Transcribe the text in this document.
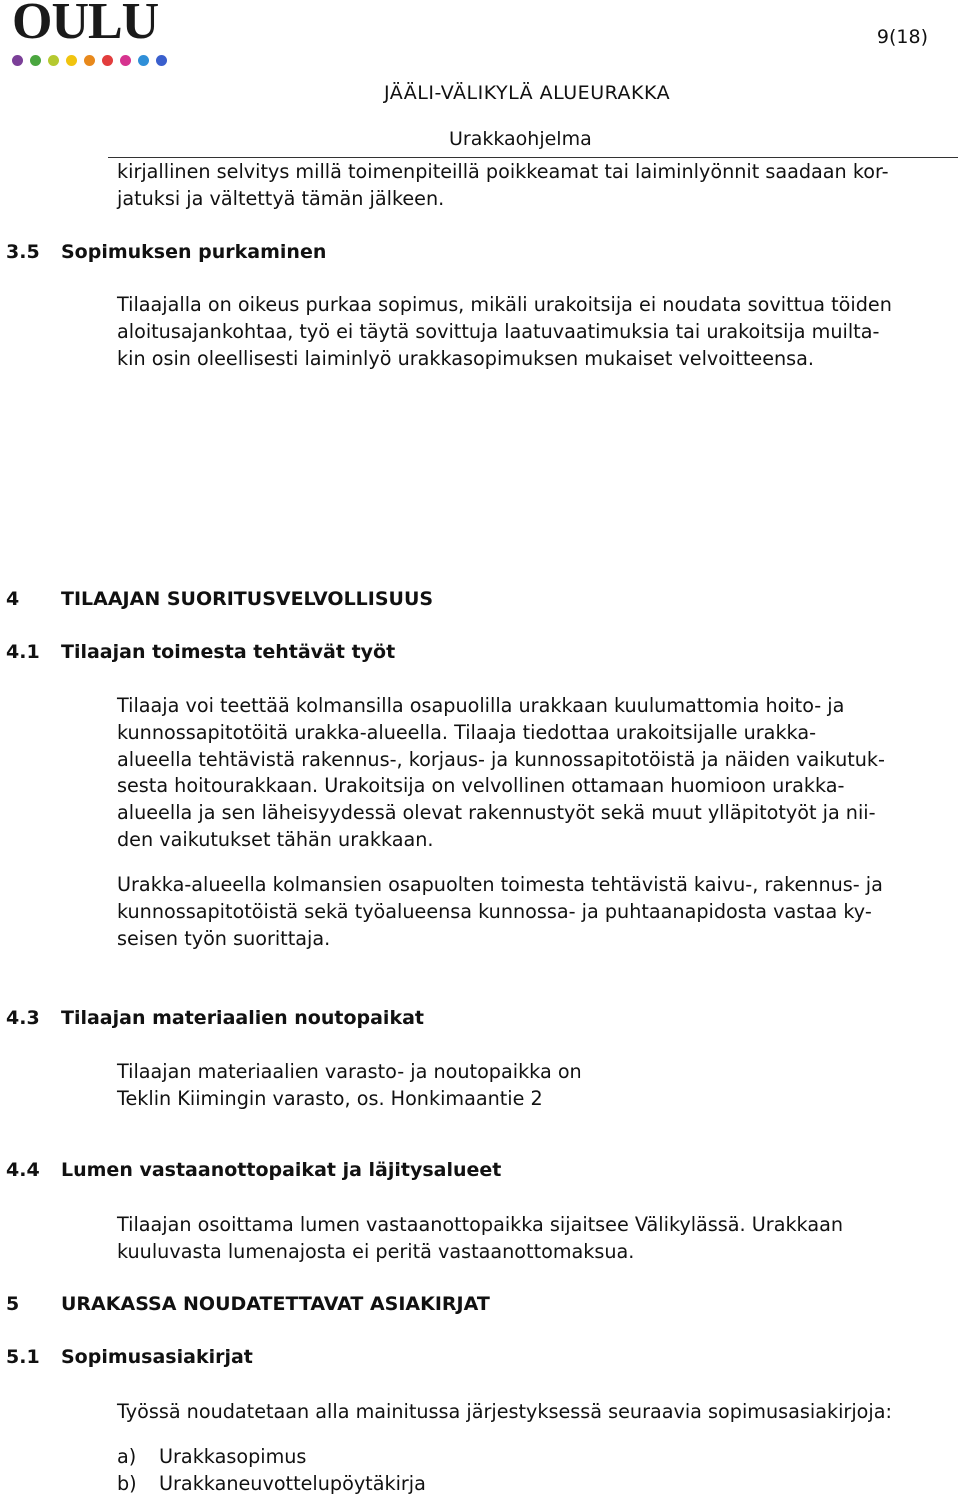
OULU	9(18)
JÄÄLI-VÄLIKYLÄ ALUEURAKKA
Urakkaohjelma
kirjallinen selvitys millä toimenpiteillä poikkeamat tai laiminlyönnit saadaan kor-
jatuksi ja vältettyä tämän jälkeen.
3.5 Sopimuksen purkaminen
Tilaajalla on oikeus purkaa sopimus, mikäli urakoitsija ei noudata sovittua töiden
aloitusajankohtaa, työ ei täytä sovittuja laatuvaatimuksia tai urakoitsija muilta-
kin osin oleellisesti laiminlyö urakkasopimuksen mukaiset velvoitteensa.
4 TILAAJAN SUORITUSVELVOLLISUUS
4.1 Tilaajan toimesta tehtävät työt
Tilaaja voi teettää kolmansilla osapuolilla urakkaan kuulumattomia hoito- ja
kunnossapitotöitä urakka-alueella. Tilaaja tiedottaa urakoitsijalle urakka-
alueella tehtävistä rakennus-, korjaus- ja kunnossapitotöistä ja näiden vaikutuk-
sesta hoitourakkaan. Urakoitsija on velvollinen ottamaan huomioon urakka-
alueella ja sen läheisyydessä olevat rakennustyöt sekä muut ylläpitotyöt ja nii-
den vaikutukset tähän urakkaan.
Urakka-alueella kolmansien osapuolten toimesta tehtävistä kaivu-, rakennus- ja
kunnossapitotöistä sekä työalueensa kunnossa- ja puhtaanapidosta vastaa ky-
seisen työn suorittaja.
4.3 Tilaajan materiaalien noutopaikat
Tilaajan materiaalien varasto- ja noutopaikka on
Teklin Kiimingin varasto, os. Honkimaantie 2
4.4 Lumen vastaanottopaikat ja läjitysalueet
Tilaajan osoittama lumen vastaanottopaikka sijaitsee Välikylässä. Urakkaan
kuuluvasta lumenajosta ei peritä vastaanottomaksua.
5 URAKASSA NOUDATETTAVAT ASIAKIRJAT
5.1 Sopimusasiakirjat
Työssä noudatetaan alla mainitussa järjestyksessä seuraavia sopimusasiakirjoja:
a) Urakkasopimus
b) Urakkaneuvottelupöytäkirja
